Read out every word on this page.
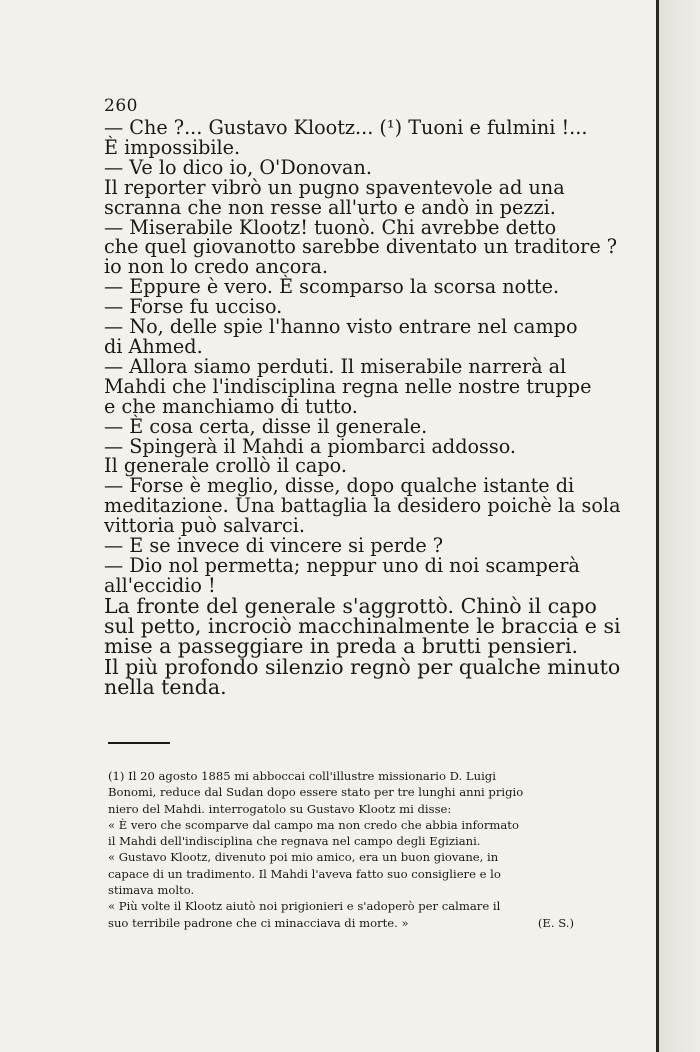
260
— Che ?... Gustavo Klootz... (¹) Tuoni e fulmini !...
È impossibile.
— Ve lo dico io, O'Donovan.
Il reporter vibrò un pugno spaventevole ad una
scranna che non resse all'urto e andò in pezzi.
— Miserabile Klootz! tuonò. Chi avrebbe detto
che quel giovanotto sarebbe diventato un traditore ?
io non lo credo ancora.
— Eppure è vero. È scomparso la scorsa notte.
— Forse fu ucciso.
— No, delle spie l'hanno visto entrare nel campo
di Ahmed.
— Allora siamo perduti. Il miserabile narrerà al
Mahdi che l'indisciplina regna nelle nostre truppe
e che manchiamo di tutto.
— È cosa certa, disse il generale.
— Spingerà il Mahdi a piombarci addosso.
Il generale crollò il capo.
— Forse è meglio, disse, dopo qualche istante di
meditazione. Una battaglia la desidero poichè la sola
vittoria può salvarci.
— E se invece di vincere si perde ?
— Dio nol permetta; neppur uno di noi scamperà
all'eccidio !
La fronte del generale s'aggrottò. Chinò il capo
sul petto, incrociò macchinalmente le braccia e si
mise a passeggiare in preda a brutti pensieri.
Il più profondo silenzio regnò per qualche minuto
nella tenda.
(1) Il 20 agosto 1885 mi abboccai coll'illustre missionario D. Luigi
Bonomi, reduce dal Sudan dopo essere stato per tre lunghi anni prigio
niero del Mahdi. interrogatolo su Gustavo Klootz mi disse:
« È vero che scomparve dal campo ma non credo che abbia informato
il Mahdi dell'indisciplina che regnava nel campo degli Egiziani.
« Gustavo Klootz, divenuto poi mio amico, era un buon giovane, in
capace di un tradimento. Il Mahdi l'aveva fatto suo consigliere e lo
stimava molto.
« Più volte il Klootz aiutò noi prigionieri e s'adoperò per calmare il
suo terribile padrone che ci minacciava di morte. »	(E. S.)
